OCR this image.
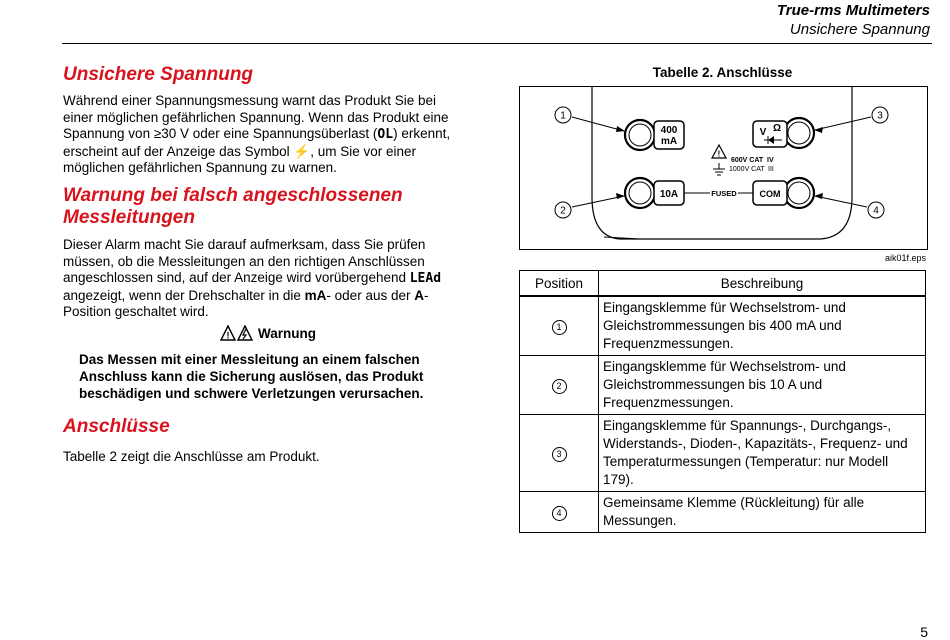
True-rms Multimeters
Unsichere Spannung
Unsichere Spannung

Während einer Spannungsmessung warnt das Produkt Sie bei

einer möglichen gefährlichen Spannung. Wenn das Produkt eine

Spannung von ≥30 V oder eine Spannungsüberlast (OL) erkennt,

erscheint auf der Anzeige das Symbol ⚡, um Sie vor einer

möglichen gefährlichen Spannung zu warnen.

Warnung bei falsch angeschlossenen
Messleitungen

Dieser Alarm macht Sie darauf aufmerksam, dass Sie prüfen

müssen, ob die Messleitungen an den richtigen Anschlüssen

angeschlossen sind, auf der Anzeige wird vorübergehend LEAd

angezeigt, wenn der Drehschalter in die mA- oder aus der A-

Position geschaltet wird.

! Warnung

Das Messen mit einer Messleitung an einem falschen

Anschluss kann die Sicherung auslösen, das Produkt

beschädigen und schwere Verletzungen verursachen.

Anschlüsse

Tabelle 2 zeigt die Anschlüsse am Produkt.

Tabelle 2. Anschlüsse
!
400
mA
10A
V Ω
COM
FUSED
600V CAT IV
1000V CAT III
1
2
3
4
aik01f.eps
Position	Beschreibung
1	Eingangsklemme für Wechselstrom- und
Gleichstrommessungen bis 400 mA und
Frequenzmessungen.

2	Eingangsklemme für Wechselstrom- und
Gleichstrommessungen bis 10 A und
Frequenzmessungen.

3	Eingangsklemme für Spannungs-, Durchgangs-,
Widerstands-, Dioden-, Kapazitäts-, Frequenz- und
Temperaturmessungen (Temperatur: nur Modell
179).

4	Gemeinsame Klemme (Rückleitung) für alle
Messungen.
5
